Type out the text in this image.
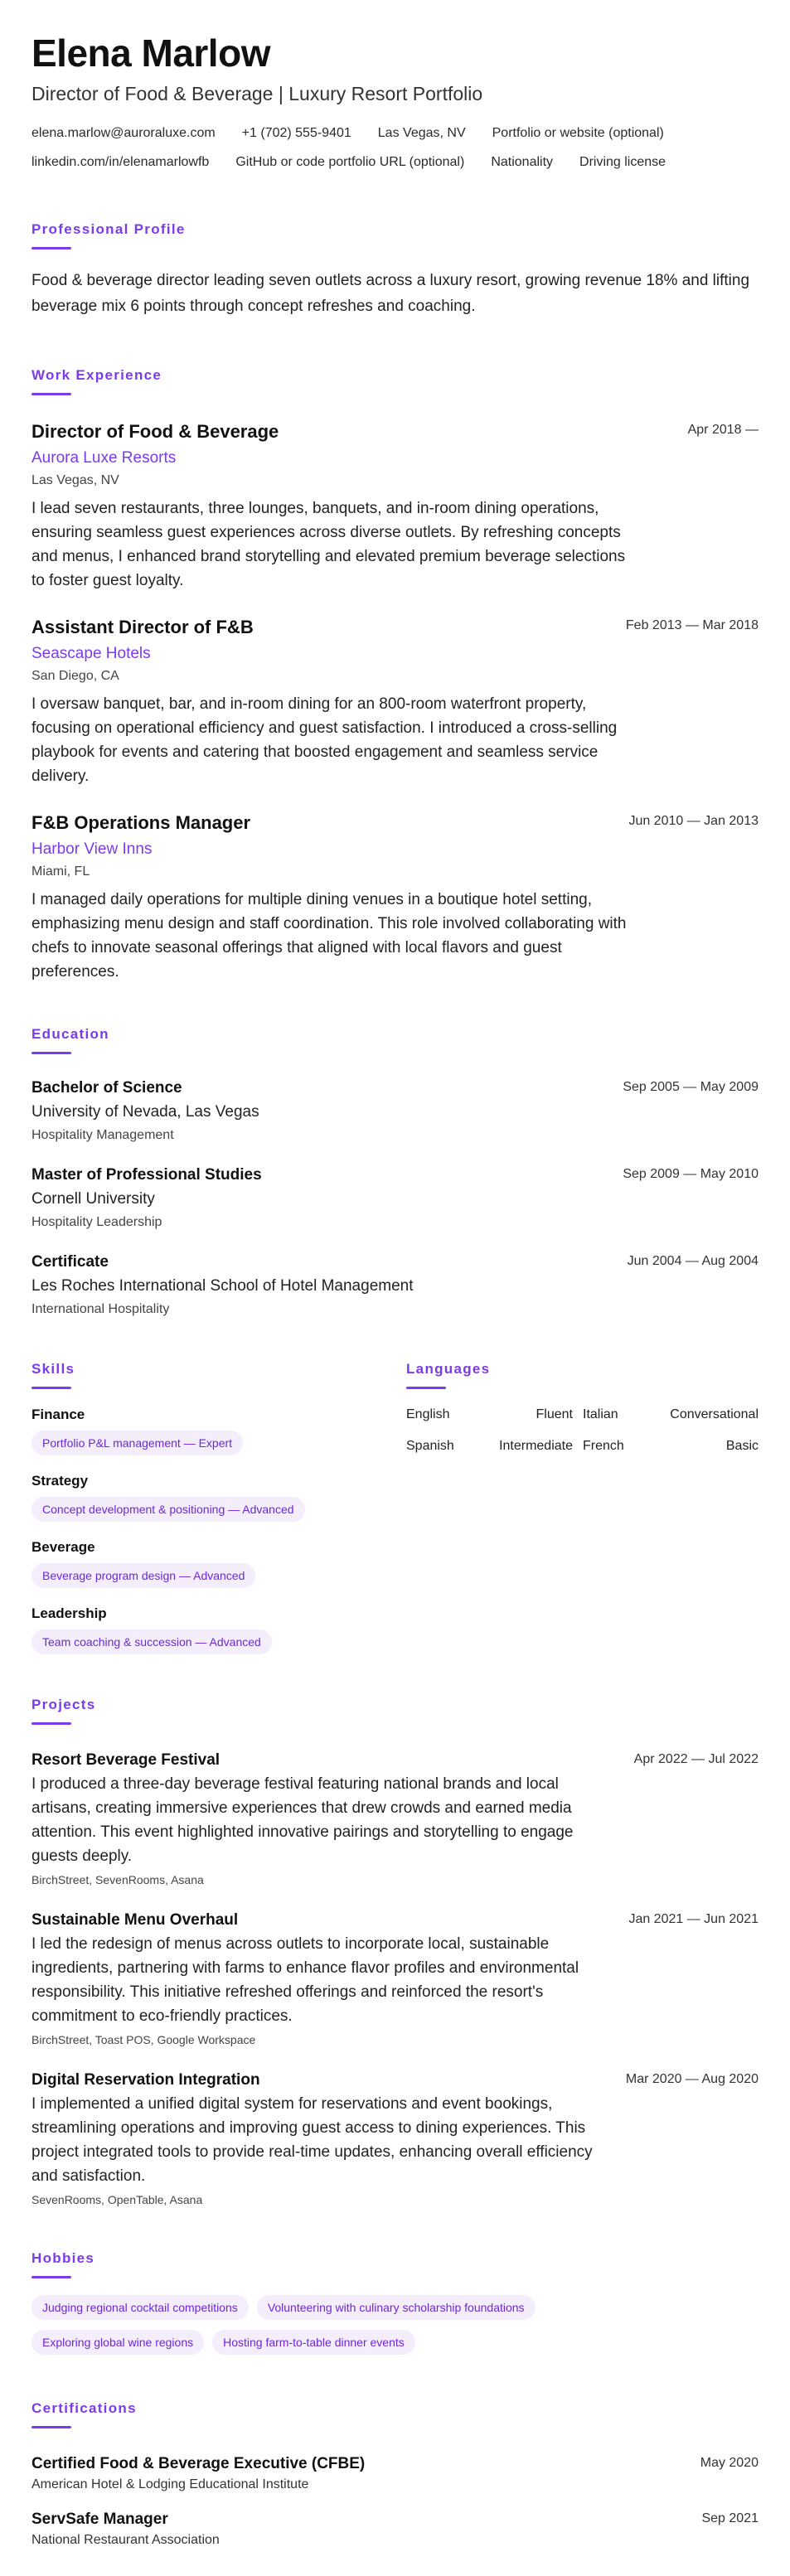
Elena Marlow
Director of Food & Beverage | Luxury Resort Portfolio
elena.marlow@auroraluxe.com +1 (702) 555-9401 Las Vegas, NV Portfolio or website (optional)
linkedin.com/in/elenamarlowfb GitHub or code portfolio URL (optional) Nationality Driving license
Professional Profile
Food & beverage director leading seven outlets across a luxury resort, growing revenue 18% and lifting beverage mix 6 points through concept refreshes and coaching.
Work Experience
Director of Food & Beverage	Apr 2018 —
Aurora Luxe Resorts
Las Vegas, NV
I lead seven restaurants, three lounges, banquets, and in-room dining operations, ensuring seamless guest experiences across diverse outlets. By refreshing concepts and menus, I enhanced brand storytelling and elevated premium beverage selections to foster guest loyalty.
Assistant Director of F&B	Feb 2013 — Mar 2018
Seascape Hotels
San Diego, CA
I oversaw banquet, bar, and in-room dining for an 800-room waterfront property, focusing on operational efficiency and guest satisfaction. I introduced a cross-selling playbook for events and catering that boosted engagement and seamless service delivery.
F&B Operations Manager	Jun 2010 — Jan 2013
Harbor View Inns
Miami, FL
I managed daily operations for multiple dining venues in a boutique hotel setting, emphasizing menu design and staff coordination. This role involved collaborating with chefs to innovate seasonal offerings that aligned with local flavors and guest preferences.
Education
Bachelor of Science	Sep 2005 — May 2009
University of Nevada, Las Vegas
Hospitality Management
Master of Professional Studies	Sep 2009 — May 2010
Cornell University
Hospitality Leadership
Certificate	Jun 2004 — Aug 2004
Les Roches International School of Hotel Management
International Hospitality
Skills
Finance
Portfolio P&L management — Expert
Strategy
Concept development & positioning — Advanced
Beverage
Beverage program design — Advanced
Leadership
Team coaching & succession — Advanced
Languages
English	Fluent Italian	Conversational
Spanish	Intermediate French	Basic
Projects
Resort Beverage Festival	Apr 2022 — Jul 2022
I produced a three-day beverage festival featuring national brands and local artisans, creating immersive experiences that drew crowds and earned media attention. This event highlighted innovative pairings and storytelling to engage guests deeply.
BirchStreet, SevenRooms, Asana
Sustainable Menu Overhaul	Jan 2021 — Jun 2021
I led the redesign of menus across outlets to incorporate local, sustainable ingredients, partnering with farms to enhance flavor profiles and environmental responsibility. This initiative refreshed offerings and reinforced the resort's commitment to eco-friendly practices.
BirchStreet, Toast POS, Google Workspace
Digital Reservation Integration	Mar 2020 — Aug 2020
I implemented a unified digital system for reservations and event bookings, streamlining operations and improving guest access to dining experiences. This project integrated tools to provide real-time updates, enhancing overall efficiency and satisfaction.
SevenRooms, OpenTable, Asana
Hobbies
Judging regional cocktail competitions	Volunteering with culinary scholarship foundations
Exploring global wine regions	Hosting farm-to-table dinner events
Certifications
Certified Food & Beverage Executive (CFBE)	May 2020
American Hotel & Lodging Educational Institute
ServSafe Manager	Sep 2021
National Restaurant Association
